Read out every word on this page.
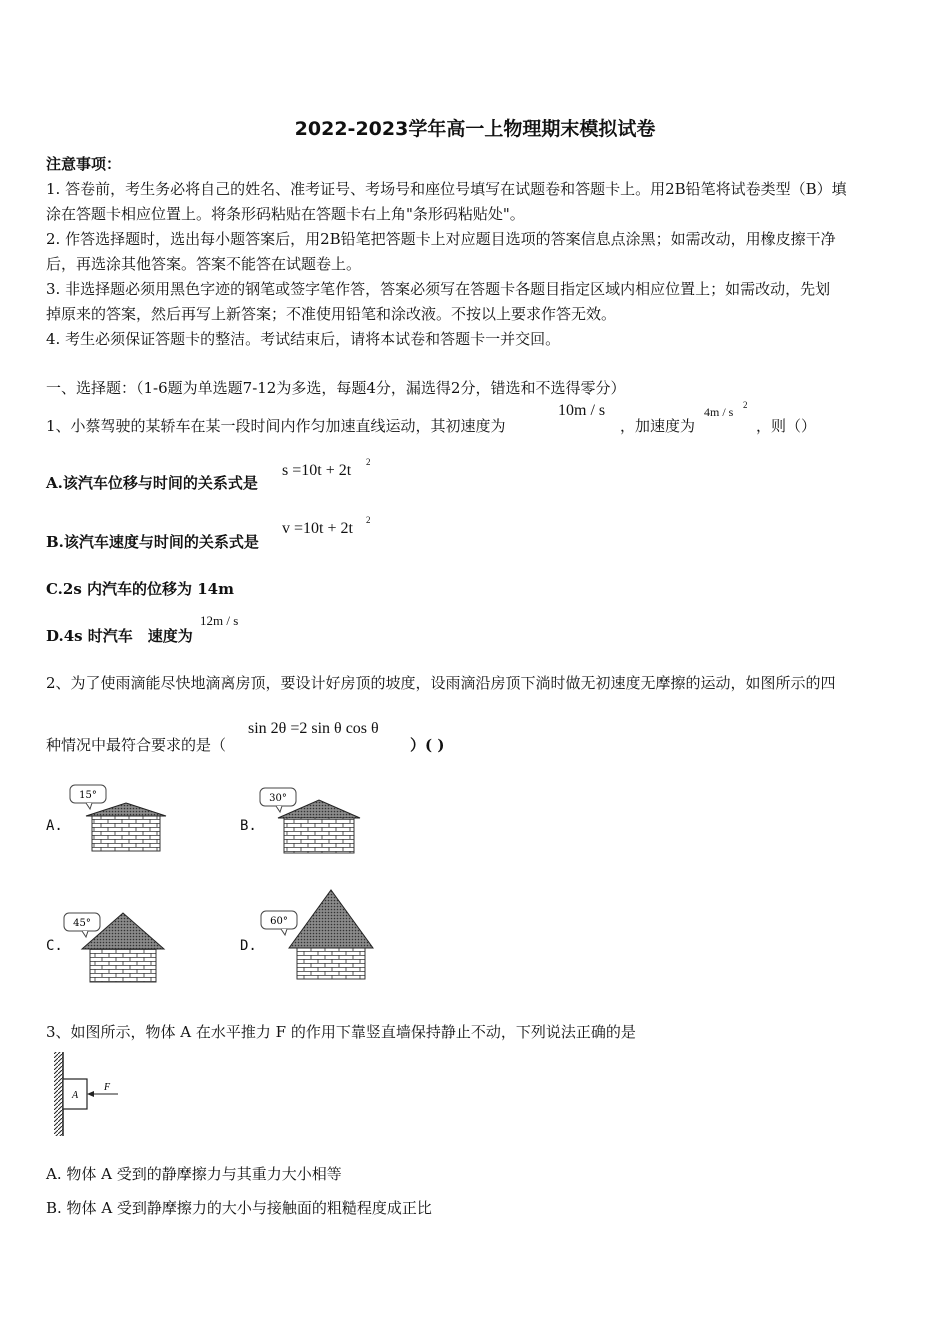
2022-2023学年高一上物理期末模拟试卷
注意事项：
1. 答卷前，考生务必将自己的姓名、准考证号、考场号和座位号填写在试题卷和答题卡上。用2B铅笔将试卷类型（B）填
涂在答题卡相应位置上。将条形码粘贴在答题卡右上角"条形码粘贴处"。
2. 作答选择题时，选出每小题答案后，用2B铅笔把答题卡上对应题目选项的答案信息点涂黑；如需改动，用橡皮擦干净
后，再选涂其他答案。答案不能答在试题卷上。
3. 非选择题必须用黑色字迹的钢笔或签字笔作答，答案必须写在答题卡各题目指定区域内相应位置上；如需改动，先划
掉原来的答案，然后再写上新答案；不准使用铅笔和涂改液。不按以上要求作答无效。
4. 考生必须保证答题卡的整洁。考试结束后，请将本试卷和答题卡一并交回。
一、选择题：（1-6题为单选题7-12为多选，每题4分，漏选得2分，错选和不选得零分）
1、小蔡驾驶的某轿车在某一段时间内作匀加速直线运动，其初速度为
10m / s
，加速度为
4m / s 2
，则（）
A.该汽车位移与时间的关系式是
s =10t + 2t 2
B.该汽车速度与时间的关系式是
v =10t + 2t 2
C.2s 内汽车的位移为 14m
D.4s 时汽车　速度为
12m / s
2、为了使雨滴能尽快地滴离房顶，要设计好房顶的坡度，设雨滴沿房顶下淌时做无初速度无摩擦的运动，如图所示的四
种情况中最符合要求的是（
sin 2θ =2 sin θ cos θ
）( )
A.
15°
B.
30°
C.
45°
D.
60°
3、如图所示，物体 A 在水平推力 F 的作用下靠竖直墙保持静止不动，下列说法正确的是
A
F
A. 物体 A 受到的静摩擦力与其重力大小相等
B. 物体 A 受到静摩擦力的大小与接触面的粗糙程度成正比
